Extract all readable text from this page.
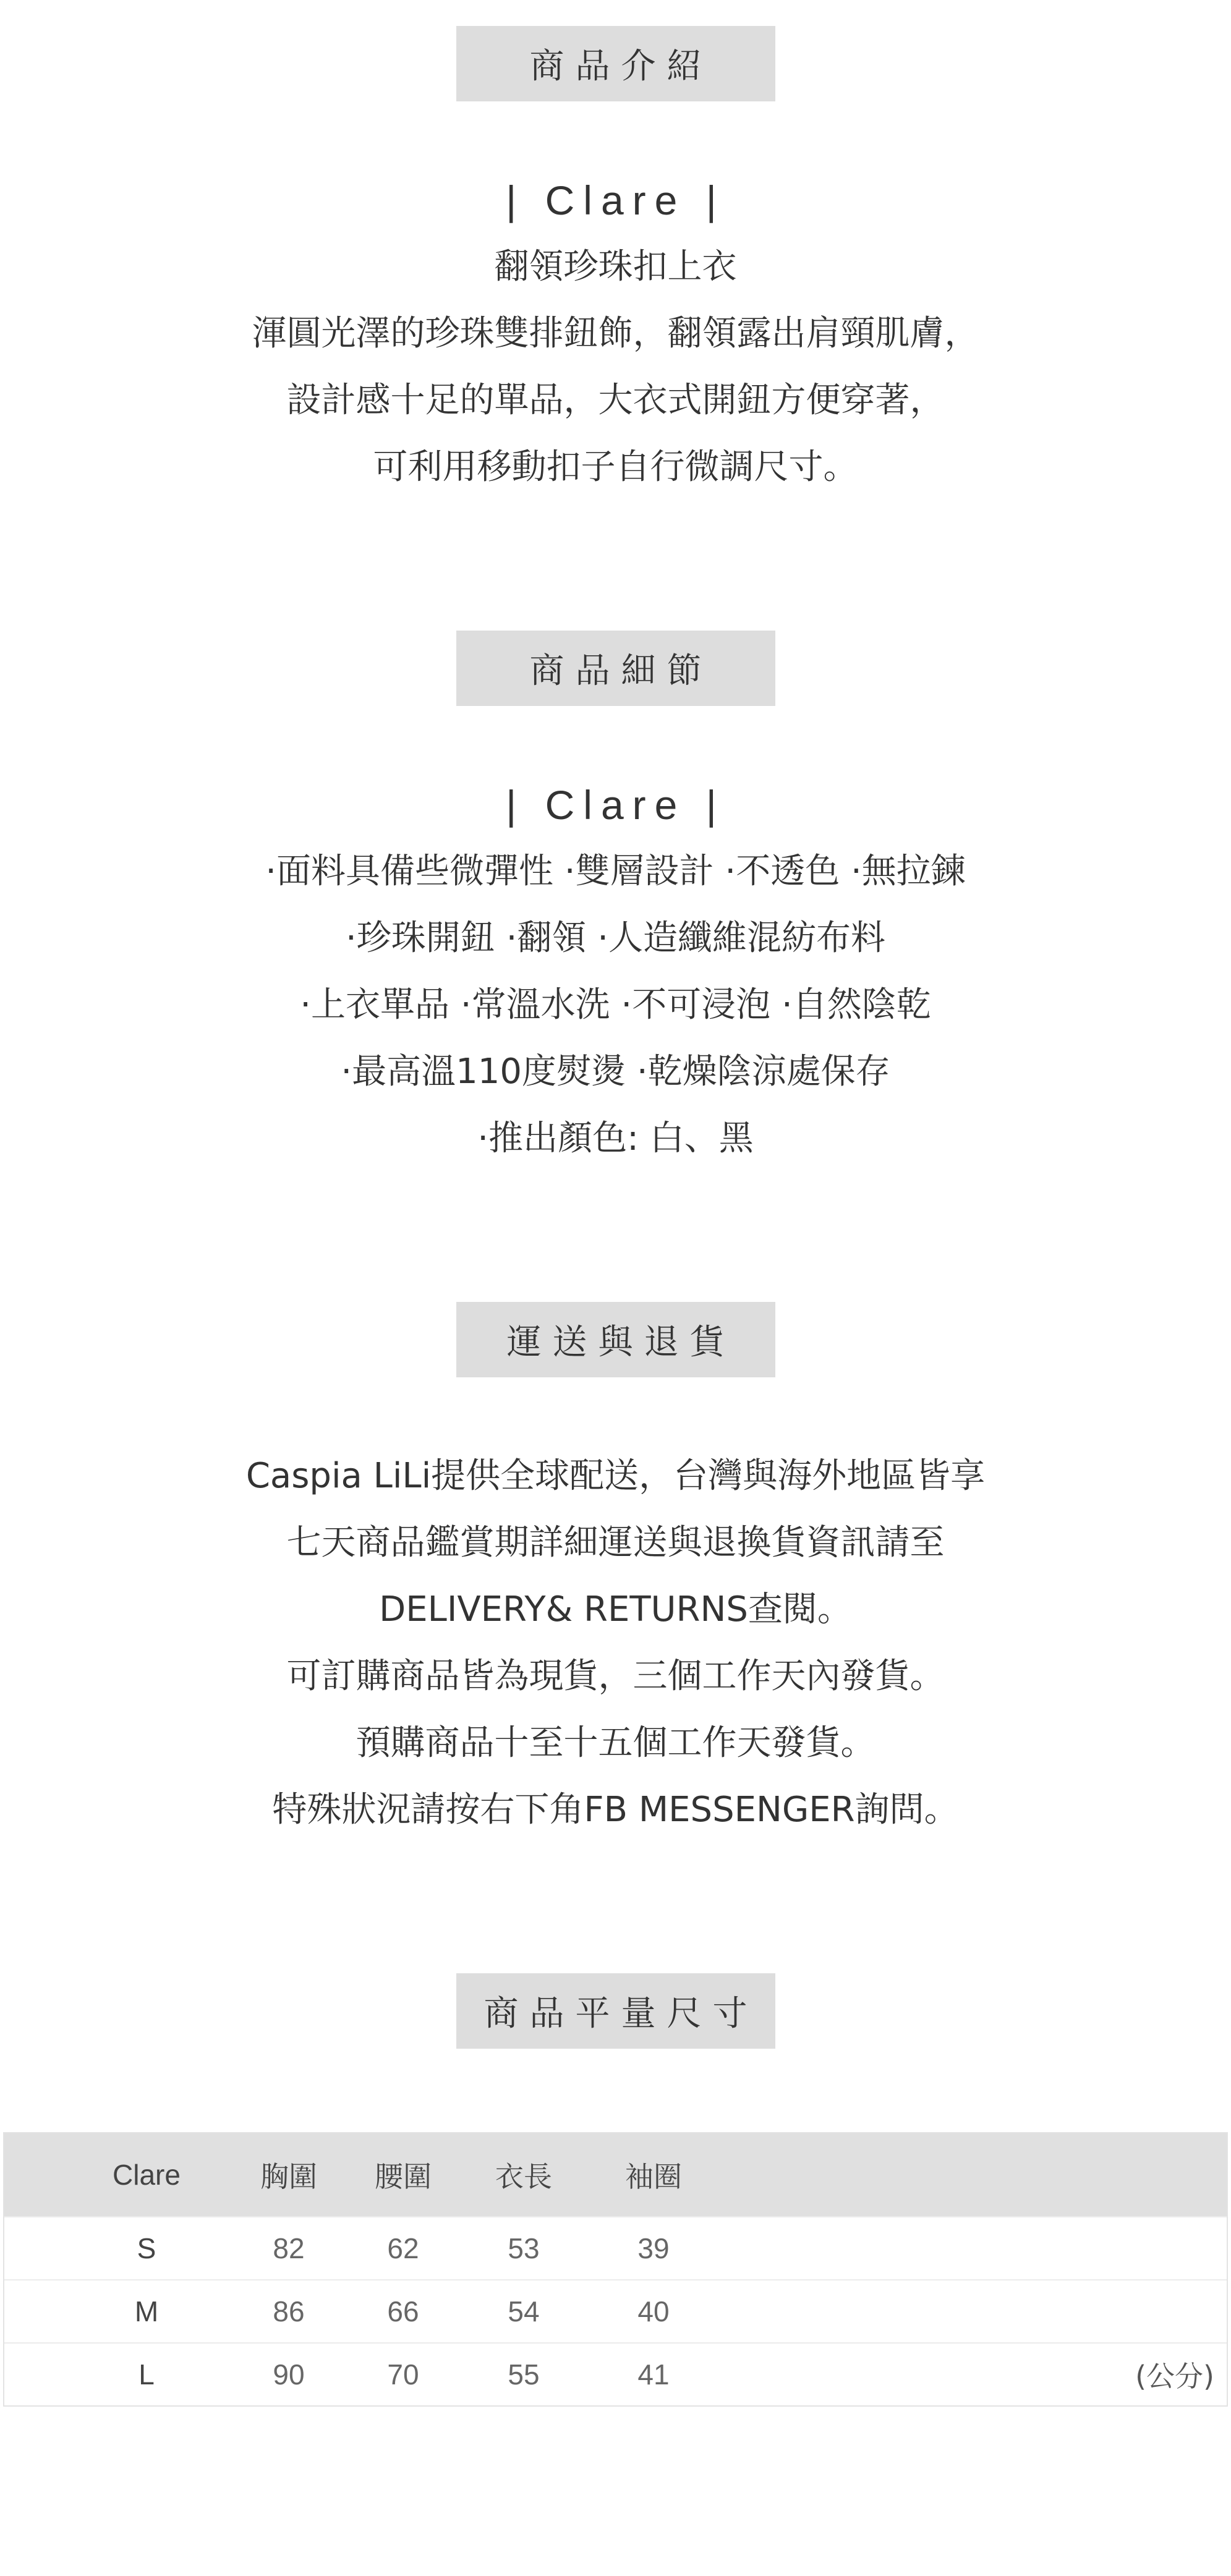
商品介紹
| Clare |
翻領珍珠扣上衣
渾圓光澤的珍珠雙排鈕飾，翻領露出肩頸肌膚，
設計感十足的單品，大衣式開鈕方便穿著，
可利用移動扣子自行微調尺寸。
商品細節
| Clare |
·面料具備些微彈性 ·雙層設計 ·不透色 ·無拉鍊
·珍珠開鈕 ·翻領 ·人造纖維混紡布料
·上衣單品 ·常溫水洗 ·不可浸泡 ·自然陰乾
·最高溫110度熨燙 ·乾燥陰涼處保存
·推出顏色: 白、黑
運送與退貨
Caspia LiLi提供全球配送，台灣與海外地區皆享
七天商品鑑賞期詳細運送與退換貨資訊請至
DELIVERY& RETURNS查閱。
可訂購商品皆為現貨，三個工作天內發貨。
預購商品十至十五個工作天發貨。
特殊狀況請按右下角FB MESSENGER詢問。
商品平量尺寸
Clare	胸圍	腰圍	衣長	袖圈
S	82	62	53	39
M	86	66	54	40
L	90	70	55	41	(公分)
